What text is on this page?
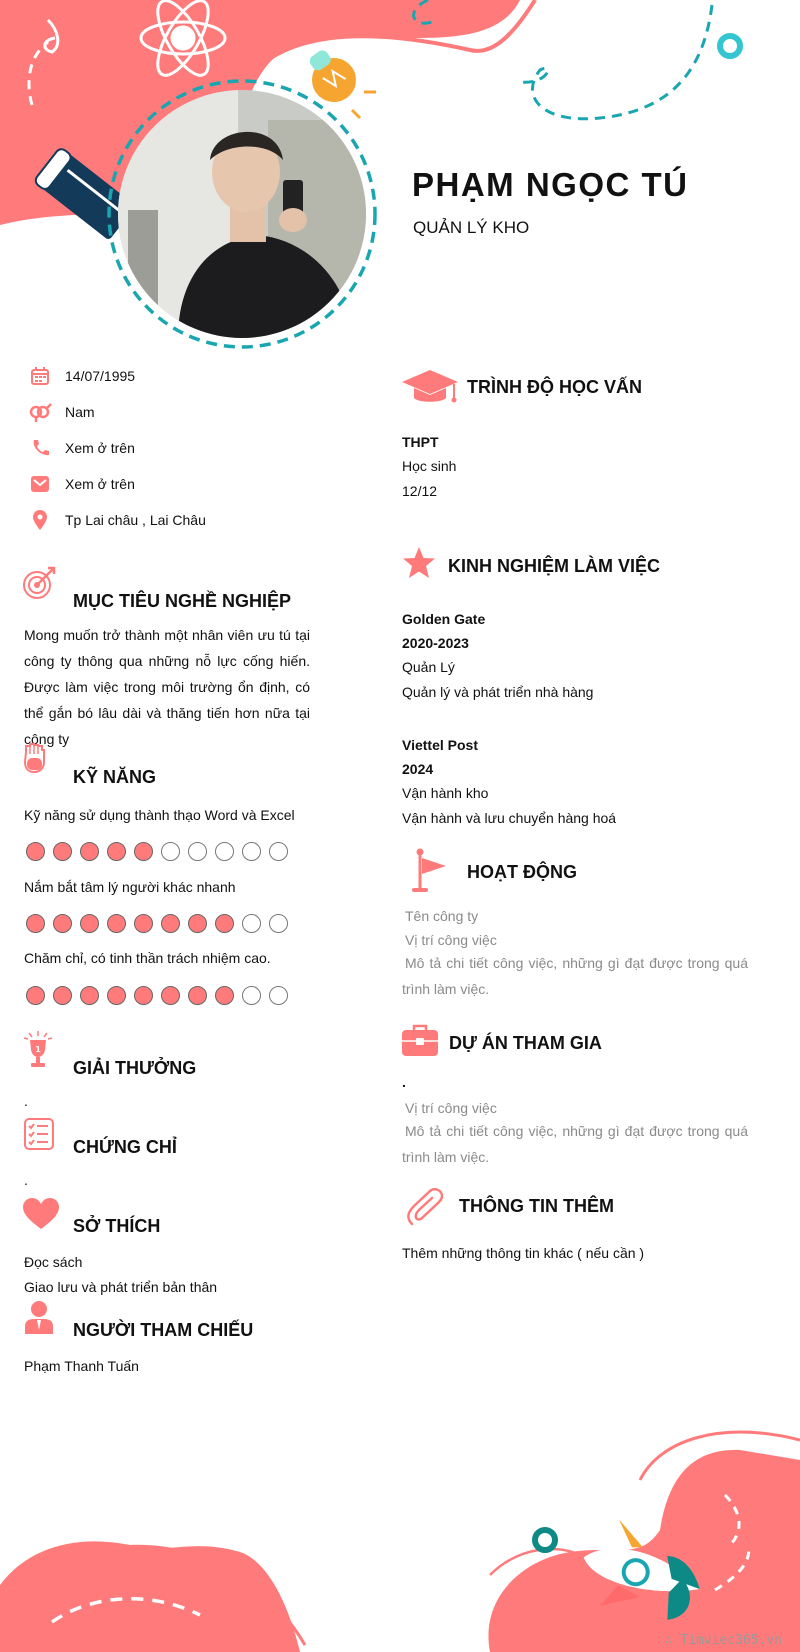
PHẠM NGỌC TÚ
QUẢN LÝ KHO
14/07/1995
Nam
Xem ở trên
Xem ở trên
Tp Lai châu , Lai Châu
MỤC TIÊU NGHỀ NGHIỆP
Mong muốn trở thành một nhân viên ưu tú tại công ty thông qua những nỗ lực cống hiến. Được làm việc trong môi trường ổn định, có thể gắn bó lâu dài và thăng tiến hơn nữa tại công ty
KỸ NĂNG
Kỹ năng sử dụng thành thạo Word và Excel
Nắm bắt tâm lý người khác nhanh
Chăm chỉ, có tinh thần trách nhiệm cao.
1
GIẢI THƯỞNG
.
CHỨNG CHỈ
.
SỞ THÍCH
Đọc sách
Giao lưu và phát triển bản thân
NGƯỜI THAM CHIẾU
Phạm Thanh Tuấn
TRÌNH ĐỘ HỌC VẤN
THPT
Học sinh
12/12
KINH NGHIỆM LÀM VIỆC
Golden Gate
2020-2023
Quản Lý
Quản lý và phát triển nhà hàng
Viettel Post
2024
Vận hành kho
Vận hành và lưu chuyển hàng hoá
HOẠT ĐỘNG
Tên công ty
Vị trí công việc
Mô tả chi tiết công việc, những gì đạt được trong quá trình làm việc.
DỰ ÁN THAM GIA
.
Vị trí công việc
Mô tả chi tiết công việc, những gì đạt được trong quá trình làm việc.
THÔNG TIN THÊM
Thêm những thông tin khác ( nếu cần )
∴ Timviec365.vn
